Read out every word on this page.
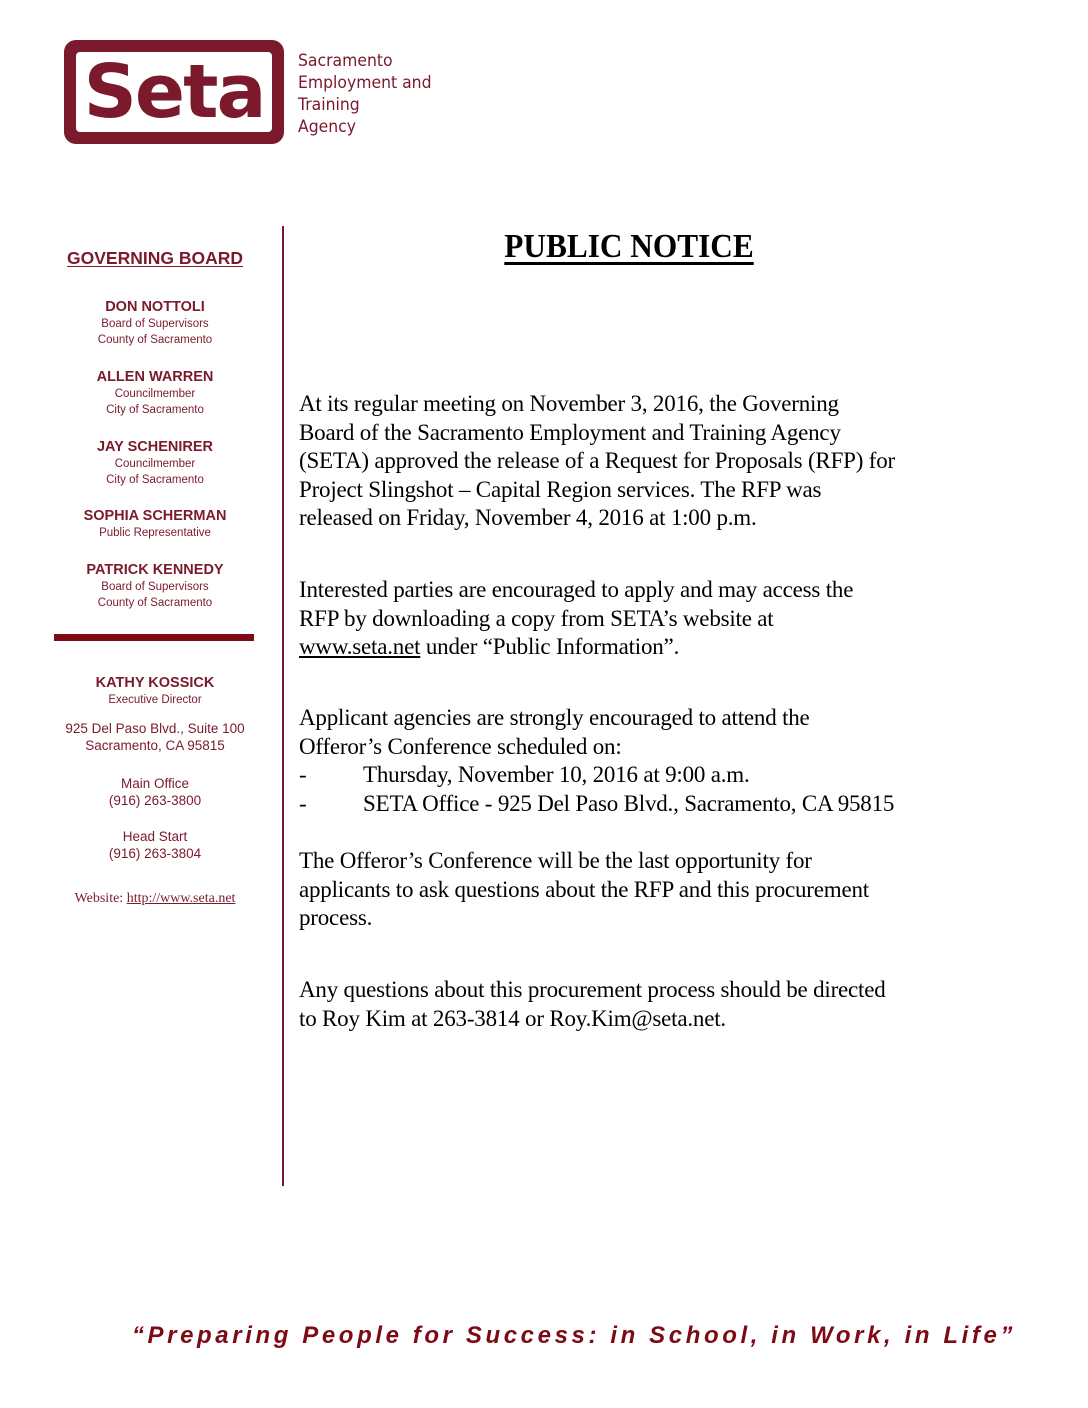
Seta	Sacramento
Employment and
Training
Agency
GOVERNING BOARD
DON NOTTOLI
Board of Supervisors
County of Sacramento
ALLEN WARREN
Councilmember
City of Sacramento
JAY SCHENIRER
Councilmember
City of Sacramento
SOPHIA SCHERMAN
Public Representative
PATRICK KENNEDY
Board of Supervisors
County of Sacramento
KATHY KOSSICK
Executive Director
925 Del Paso Blvd., Suite 100
Sacramento, CA 95815
Main Office
(916) 263-3800
Head Start
(916) 263-3804
Website: http://www.seta.net
PUBLIC NOTICE
At its regular meeting on November 3, 2016, the Governing
Board of the Sacramento Employment and Training Agency
(SETA) approved the release of a Request for Proposals (RFP) for
Project Slingshot – Capital Region services. The RFP was
released on Friday, November 4, 2016 at 1:00 p.m.
Interested parties are encouraged to apply and may access the
RFP by downloading a copy from SETA’s website at
www.seta.net under “Public Information”.
Applicant agencies are strongly encouraged to attend the
Offeror’s Conference scheduled on:
-	Thursday, November 10, 2016 at 9:00 a.m.
-	SETA Office - 925 Del Paso Blvd., Sacramento, CA 95815
The Offeror’s Conference will be the last opportunity for
applicants to ask questions about the RFP and this procurement
process.
Any questions about this procurement process should be directed
to Roy Kim at 263-3814 or Roy.Kim@seta.net.
“Preparing People for Success: in School, in Work, in Life”
